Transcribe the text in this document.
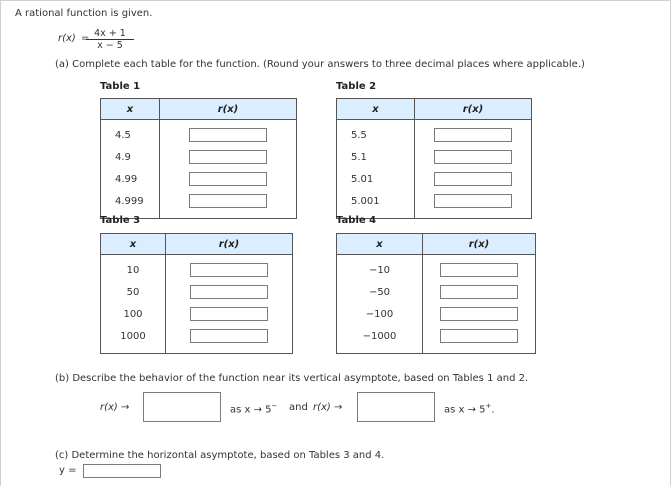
A rational function is given.
r(x) =
$\frac{4x + 1}{x - 5}$
(a) Complete each table for the function. (Round your answers to three decimal places where applicable.)
Table 1
x	r(x)
4.5	

4.9	

4.99	

4.999	
Table 2
x	r(x)
5.5	

5.1	

5.01	

5.001	
Table 3
x	r(x)
10	

50	

100	

1000	
Table 4
x	r(x)
−10	

−50	

−100	

−1000	
(b) Describe the behavior of the function near its vertical asymptote, based on Tables 1 and 2.
r(x) →	as x → 5− and r(x) →	as x → 5+.
(c) Determine the horizontal asymptote, based on Tables 3 and 4.
y =
